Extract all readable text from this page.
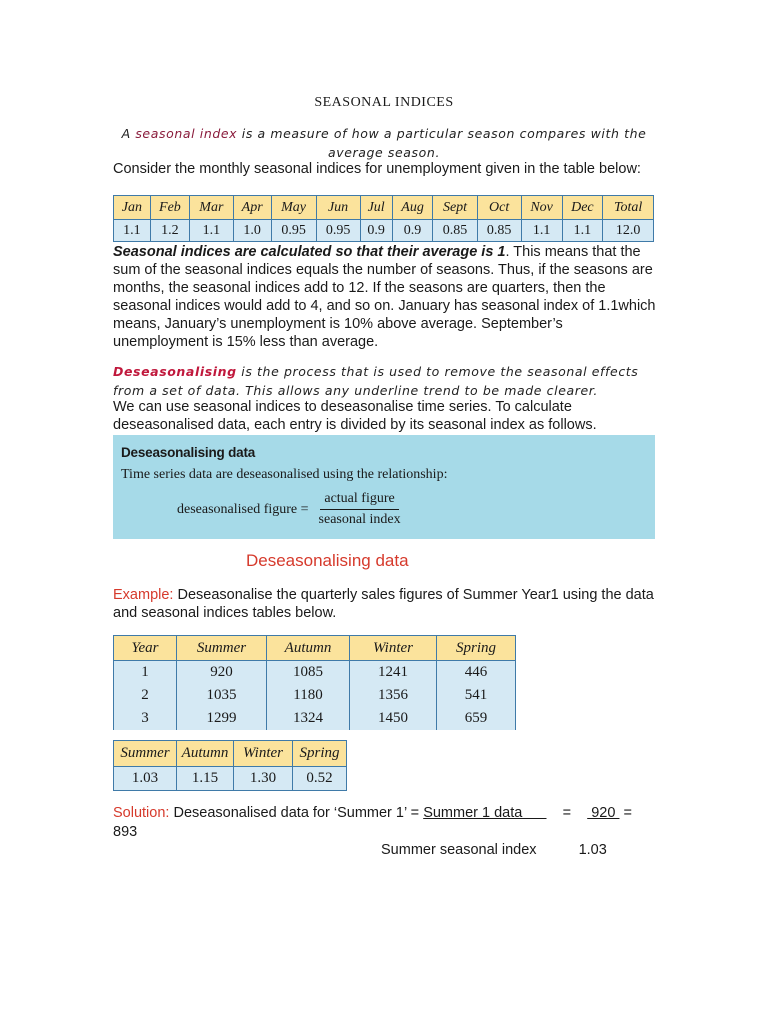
SEASONAL INDICES
A seasonal index is a measure of how a particular season compares with the average season.
Consider the monthly seasonal indices for unemployment given in the table below:
Jan	Feb	Mar	Apr	May	Jun	Jul	Aug	Sept	Oct	Nov	Dec	Total
1.1	1.2	1.1	1.0	0.95	0.95	0.9	0.9	0.85	0.85	1.1	1.1	12.0
Seasonal indices are calculated so that their average is 1. This means that the sum of the seasonal indices equals the number of seasons. Thus, if the seasons are months, the seasonal indices add to 12. If the seasons are quarters, then the seasonal indices would add to 4, and so on. January has seasonal index of 1.1which means, January’s unemployment is 10% above average. September’s unemployment is 15% less than average.
Deseasonalising is the process that is used to remove the seasonal effects from a set of data. This allows any underline trend to be made clearer.
We can use seasonal indices to deseasonalise time series. To calculate deseasonalised data, each entry is divided by its seasonal index as follows.
Deseasonalising data
Time series data are deseasonalised using the relationship:
deseasonalised figure = $\frac{\text{actual figure}}{\text{seasonal index}}$
Deseasonalising data
Example: Deseasonalise the quarterly sales figures of Summer Year1 using the data and seasonal indices tables below.
Year	Summer	Autumn	Winter	Spring
1	920	1085	1241	446
2	1035	1180	1356	541
3	1299	1324	1450	659
Summer	Autumn	Winter	Spring
1.03	1.15	1.30	0.52
Solution: Deseasonalised data for ‘Summer 1’ = Summer 1 data          =     920  =
893
Summer seasonal index	1.03
